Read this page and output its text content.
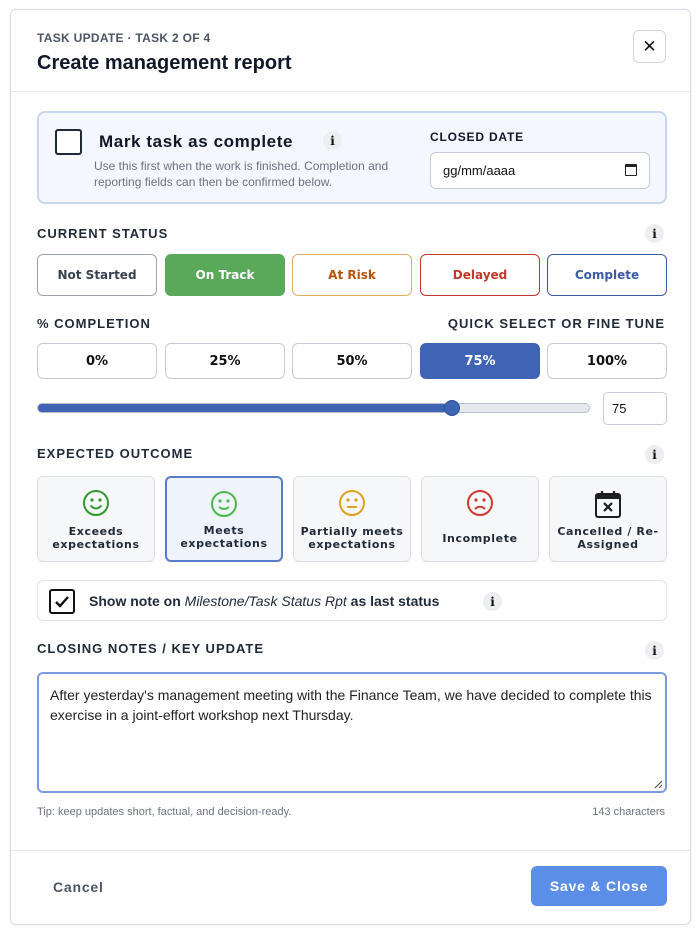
TASK UPDATE · TASK 2 OF 4
Create management report
✕
Mark task as complete	i
Use this first when the work is finished. Completion and reporting fields can then be confirmed below.
CLOSED DATE
gg/mm/aaaa
CURRENT STATUS	i
Not Started	On Track	At Risk	Delayed	Complete
% COMPLETION	QUICK SELECT OR FINE TUNE
0%	25%	50%	75%	100%
75
EXPECTED OUTCOME	i
Exceeds
expectations
Meets
expectations
Partially meets
expectations	Incomplete
Cancelled / Re-
Assigned
Show note on Milestone/Task Status Rpt as last status	i
CLOSING NOTES / KEY UPDATE	i
After yesterday's management meeting with the Finance Team, we have decided to complete this exercise in a joint-effort workshop next Thursday.
Tip: keep updates short, factual, and decision-ready.	143 characters
Cancel	Save & Close
